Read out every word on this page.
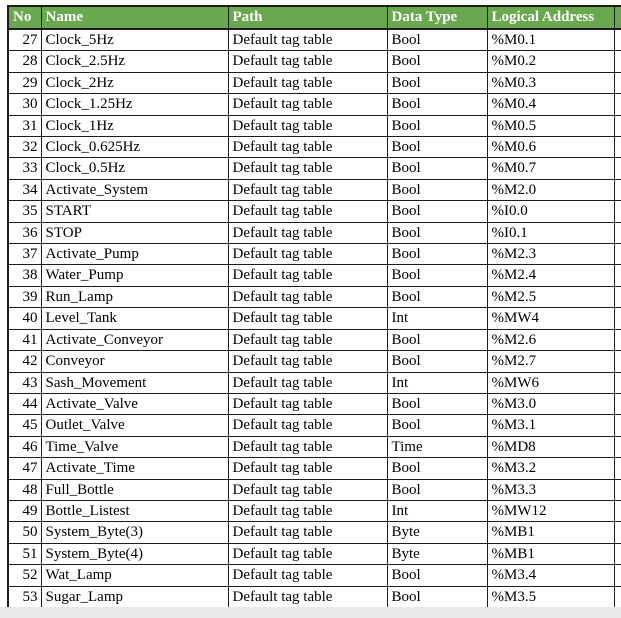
No	Name	Path	Data Type	Logical Address	
27	Clock_5Hz	Default tag table	Bool	%M0.1	
28	Clock_2.5Hz	Default tag table	Bool	%M0.2	
29	Clock_2Hz	Default tag table	Bool	%M0.3	
30	Clock_1.25Hz	Default tag table	Bool	%M0.4	
31	Clock_1Hz	Default tag table	Bool	%M0.5	
32	Clock_0.625Hz	Default tag table	Bool	%M0.6	
33	Clock_0.5Hz	Default tag table	Bool	%M0.7	
34	Activate_System	Default tag table	Bool	%M2.0	
35	START	Default tag table	Bool	%I0.0	
36	STOP	Default tag table	Bool	%I0.1	
37	Activate_Pump	Default tag table	Bool	%M2.3	
38	Water_Pump	Default tag table	Bool	%M2.4	
39	Run_Lamp	Default tag table	Bool	%M2.5	
40	Level_Tank	Default tag table	Int	%MW4	
41	Activate_Conveyor	Default tag table	Bool	%M2.6	
42	Conveyor	Default tag table	Bool	%M2.7	
43	Sash_Movement	Default tag table	Int	%MW6	
44	Activate_Valve	Default tag table	Bool	%M3.0	
45	Outlet_Valve	Default tag table	Bool	%M3.1	
46	Time_Valve	Default tag table	Time	%MD8	
47	Activate_Time	Default tag table	Bool	%M3.2	
48	Full_Bottle	Default tag table	Bool	%M3.3	
49	Bottle_Listest	Default tag table	Int	%MW12	
50	System_Byte(3)	Default tag table	Byte	%MB1	
51	System_Byte(4)	Default tag table	Byte	%MB1	
52	Wat_Lamp	Default tag table	Bool	%M3.4	
53	Sugar_Lamp	Default tag table	Bool	%M3.5	
